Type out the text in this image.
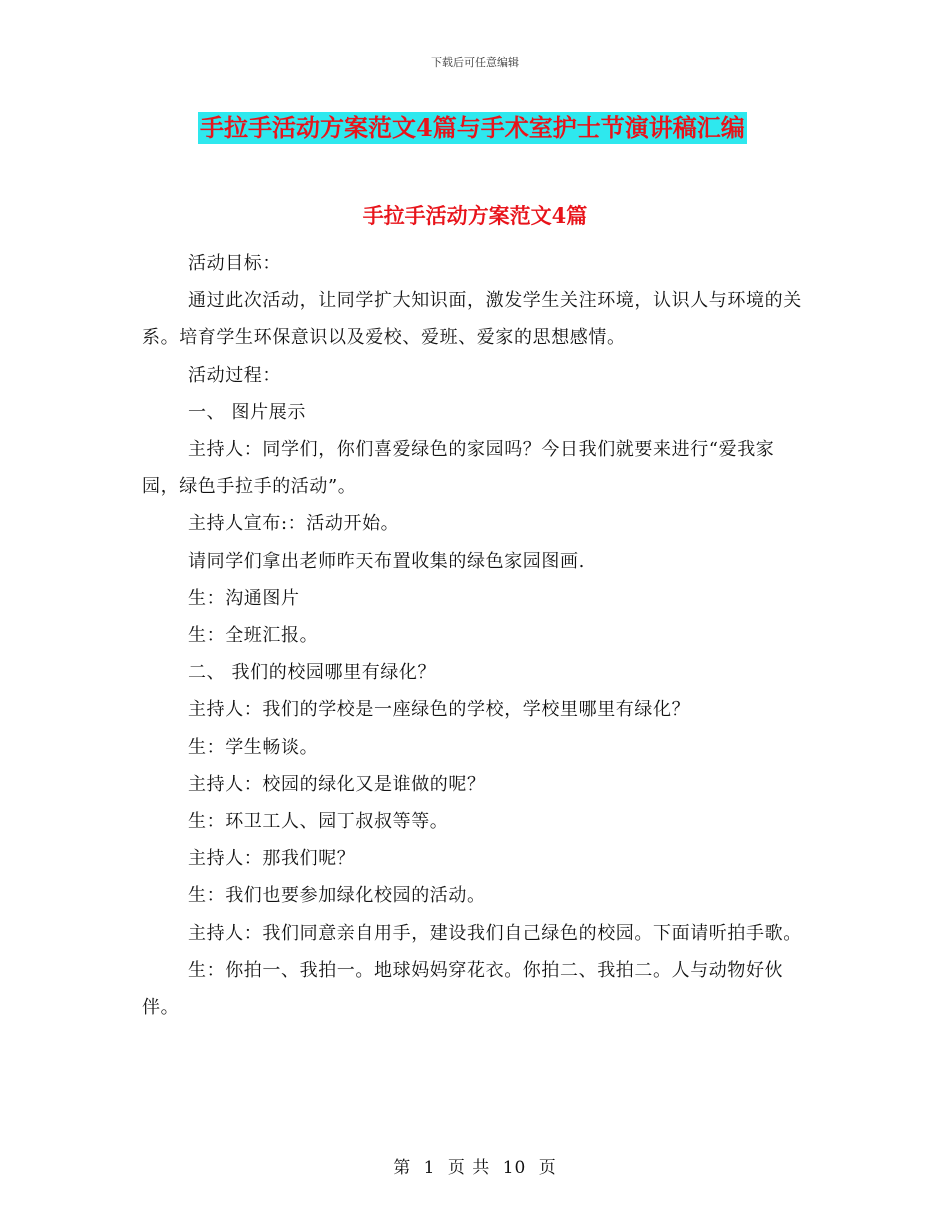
下载后可任意编辑
手拉手活动方案范文4篇与手术室护士节演讲稿汇编
手拉手活动方案范文4篇

活动目标：

通过此次活动，让同学扩大知识面，激发学生关注环境，认识人与环境的关系。培育学生环保意识以及爱校、爱班、爱家的思想感情。

活动过程：

一、 图片展示

主持人：同学们，你们喜爱绿色的家园吗？今日我们就要来进行“爱我家园，绿色手拉手的活动”。

主持人宣布:：活动开始。

请同学们拿出老师昨天布置收集的绿色家园图画.

生：沟通图片

生：全班汇报。

二、 我们的校园哪里有绿化？

主持人：我们的学校是一座绿色的学校，学校里哪里有绿化？

生：学生畅谈。

主持人：校园的绿化又是谁做的呢？

生：环卫工人、园丁叔叔等等。

主持人：那我们呢？

生：我们也要参加绿化校园的活动。

主持人：我们同意亲自用手，建设我们自己绿色的校园。下面请听拍手歌。

生：你拍一、我拍一。地球妈妈穿花衣。你拍二、我拍二。人与动物好伙伴。

第 1 页 共 10 页
